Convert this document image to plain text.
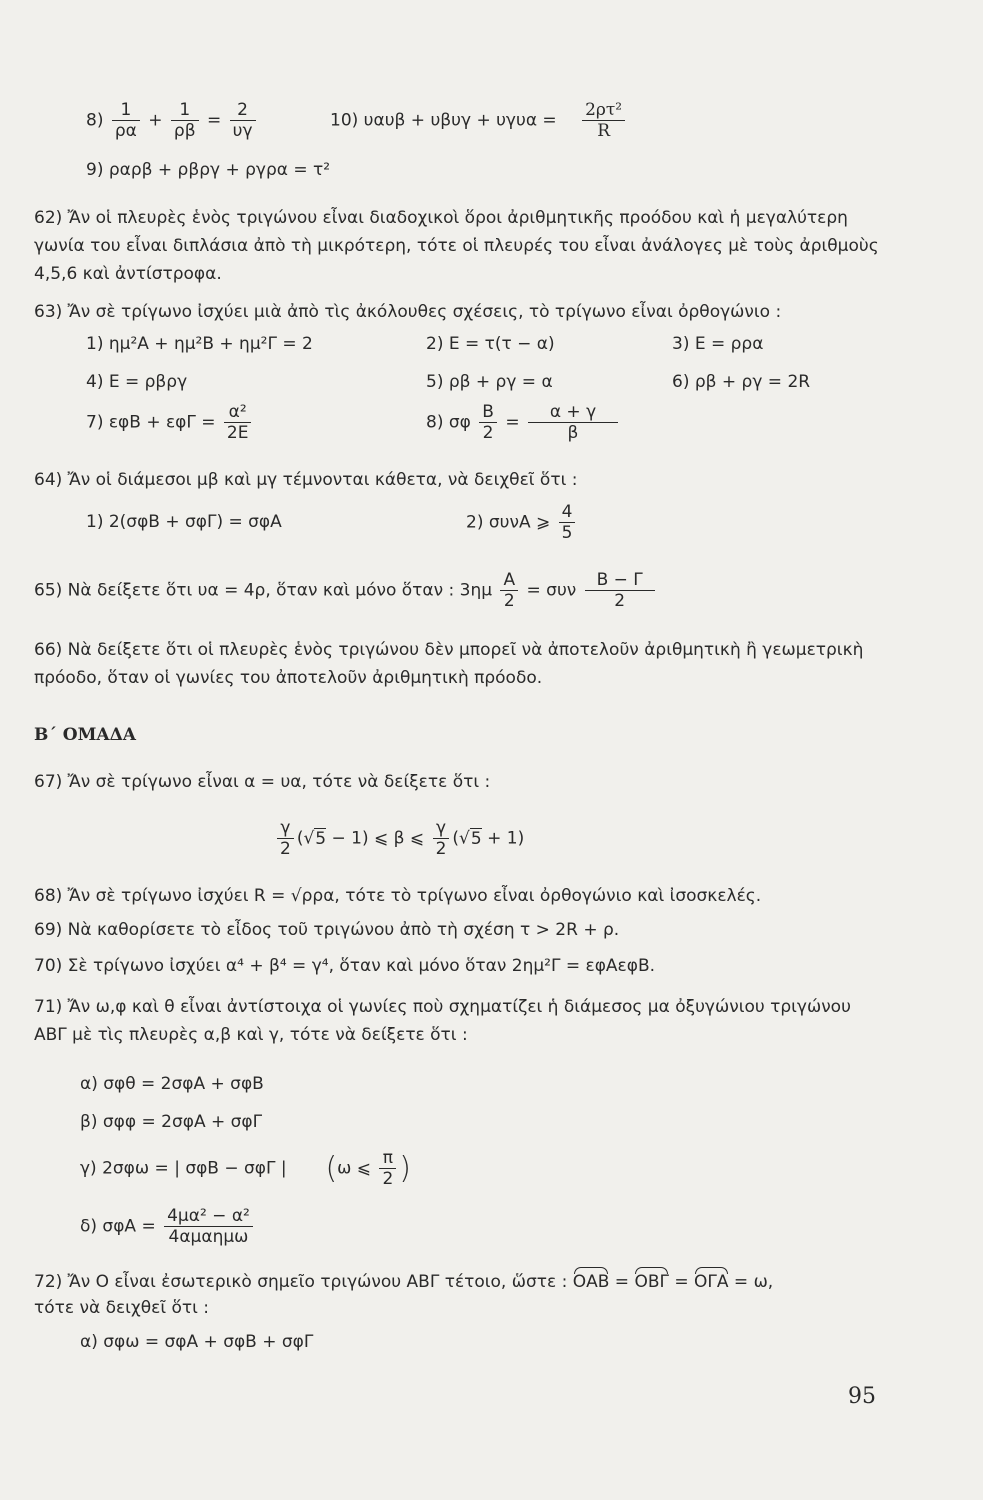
$8) \frac{1}{\rho\alpha} + \frac{1}{\rho\beta} = \frac{2}{\upsilon\gamma}$	10) $\upsilon\alpha\upsilon\beta + \upsilon\beta\upsilon\gamma + \upsilon\gamma\upsilon\alpha = \frac{\text{2ρτ²}}{R}$
9) ραρβ + ρβργ + ργρα = τ²
62) Ἄν οἱ πλευρὲς ἑνὸς τριγώνου εἶναι διαδοχικοὶ ὅροι ἀριθμητικῆς προόδου καὶ ἡ μεγαλύτερη γωνία του εἶναι διπλάσια ἀπὸ τὴ μικρότερη, τότε οἱ πλευρές του εἶναι ἀνάλογες μὲ τοὺς ἀριθμοὺς 4,5,6 καὶ ἀντίστροφα.
63) Ἄν σὲ τρίγωνο ἰσχύει μιὰ ἀπὸ τὶς ἀκόλουθες σχέσεις, τὸ τρίγωνο εἶναι ὀρθογώνιο :
1) ημ²Α + ημ²Β + ημ²Γ = 2	2) Ε = τ(τ − α)	3) Ε = ρρα
4) Ε = ρβργ	5) ρβ + ργ = α	6) ρβ + ργ = 2R
7) $\varepsilon\varphi B + \varepsilon\varphi\Gamma = \frac{\text{α²}}{2E}$	8) σφ $\frac{B}{2} = \frac{\alpha + \gamma}{\beta}$
64) Ἄν οἱ διάμεσοι μβ καὶ μγ τέμνονται κάθετα, νὰ δειχθεῖ ὅτι :
1) 2(σφΒ + σφΓ) = σφΑ	2) συνΑ ⩾ $\frac{4}{5}$
65) Νὰ δείξετε ὅτι υα = 4ρ, ὅταν καὶ μόνο ὅταν : $3\eta\mu \frac{A}{2} = \sigma\upsilon\nu \frac{B - \Gamma}{2}$
66) Νὰ δείξετε ὅτι οἱ πλευρὲς ἑνὸς τριγώνου δὲν μπορεῖ νὰ ἀποτελοῦν ἀριθμητικὴ ἢ γεωμετρικὴ πρόοδο, ὅταν οἱ γωνίες του ἀποτελοῦν ἀριθμητικὴ πρόοδο.
Β΄ ΟΜΑΔΑ
67) Ἄν σὲ τρίγωνο εἶναι α = υα, τότε νὰ δείξετε ὅτι :
$\frac{\gamma}{2} (√5 - 1)$ ⩽ β ⩽ $\frac{\gamma}{2} (√5 + 1)$
68) Ἄν σὲ τρίγωνο ἰσχύει R = √ρρα, τότε τὸ τρίγωνο εἶναι ὀρθογώνιο καὶ ἰσοσκελές.
69) Νὰ καθορίσετε τὸ εἶδος τοῦ τριγώνου ἀπὸ τὴ σχέση τ > 2R + ρ.
70) Σὲ τρίγωνο ἰσχύει α⁴ + β⁴ = γ⁴, ὅταν καὶ μόνο ὅταν 2ημ²Γ = εφΑεφΒ.
71) Ἄν ω,φ καὶ θ εἶναι ἀντίστοιχα οἱ γωνίες ποὺ σχηματίζει ἡ διάμεσος μα ὀξυγώνιου τριγώνου ΑΒΓ μὲ τὶς πλευρὲς α,β καὶ γ, τότε νὰ δείξετε ὅτι :
α) σφθ = 2σφΑ + σφΒ
β) σφφ = 2σφΑ + σφΓ
γ) 2σφω = | σφΒ − σφΓ | (ω ⩽ $\frac{\pi}{2}$ )
δ) $\sigma\varphi A = \frac{\text{4μα² − α²}}{\text{4αμαημω}}$
72) Ἄν Ο εἶναι ἐσωτερικὸ σημεῖο τριγώνου ΑΒΓ τέτοιο, ὥστε : ΟΑΒ = ΟΒΓ = ΟΓΑ = ω,
τότε νὰ δειχθεῖ ὅτι :
α) σφω = σφΑ + σφΒ + σφΓ
95
